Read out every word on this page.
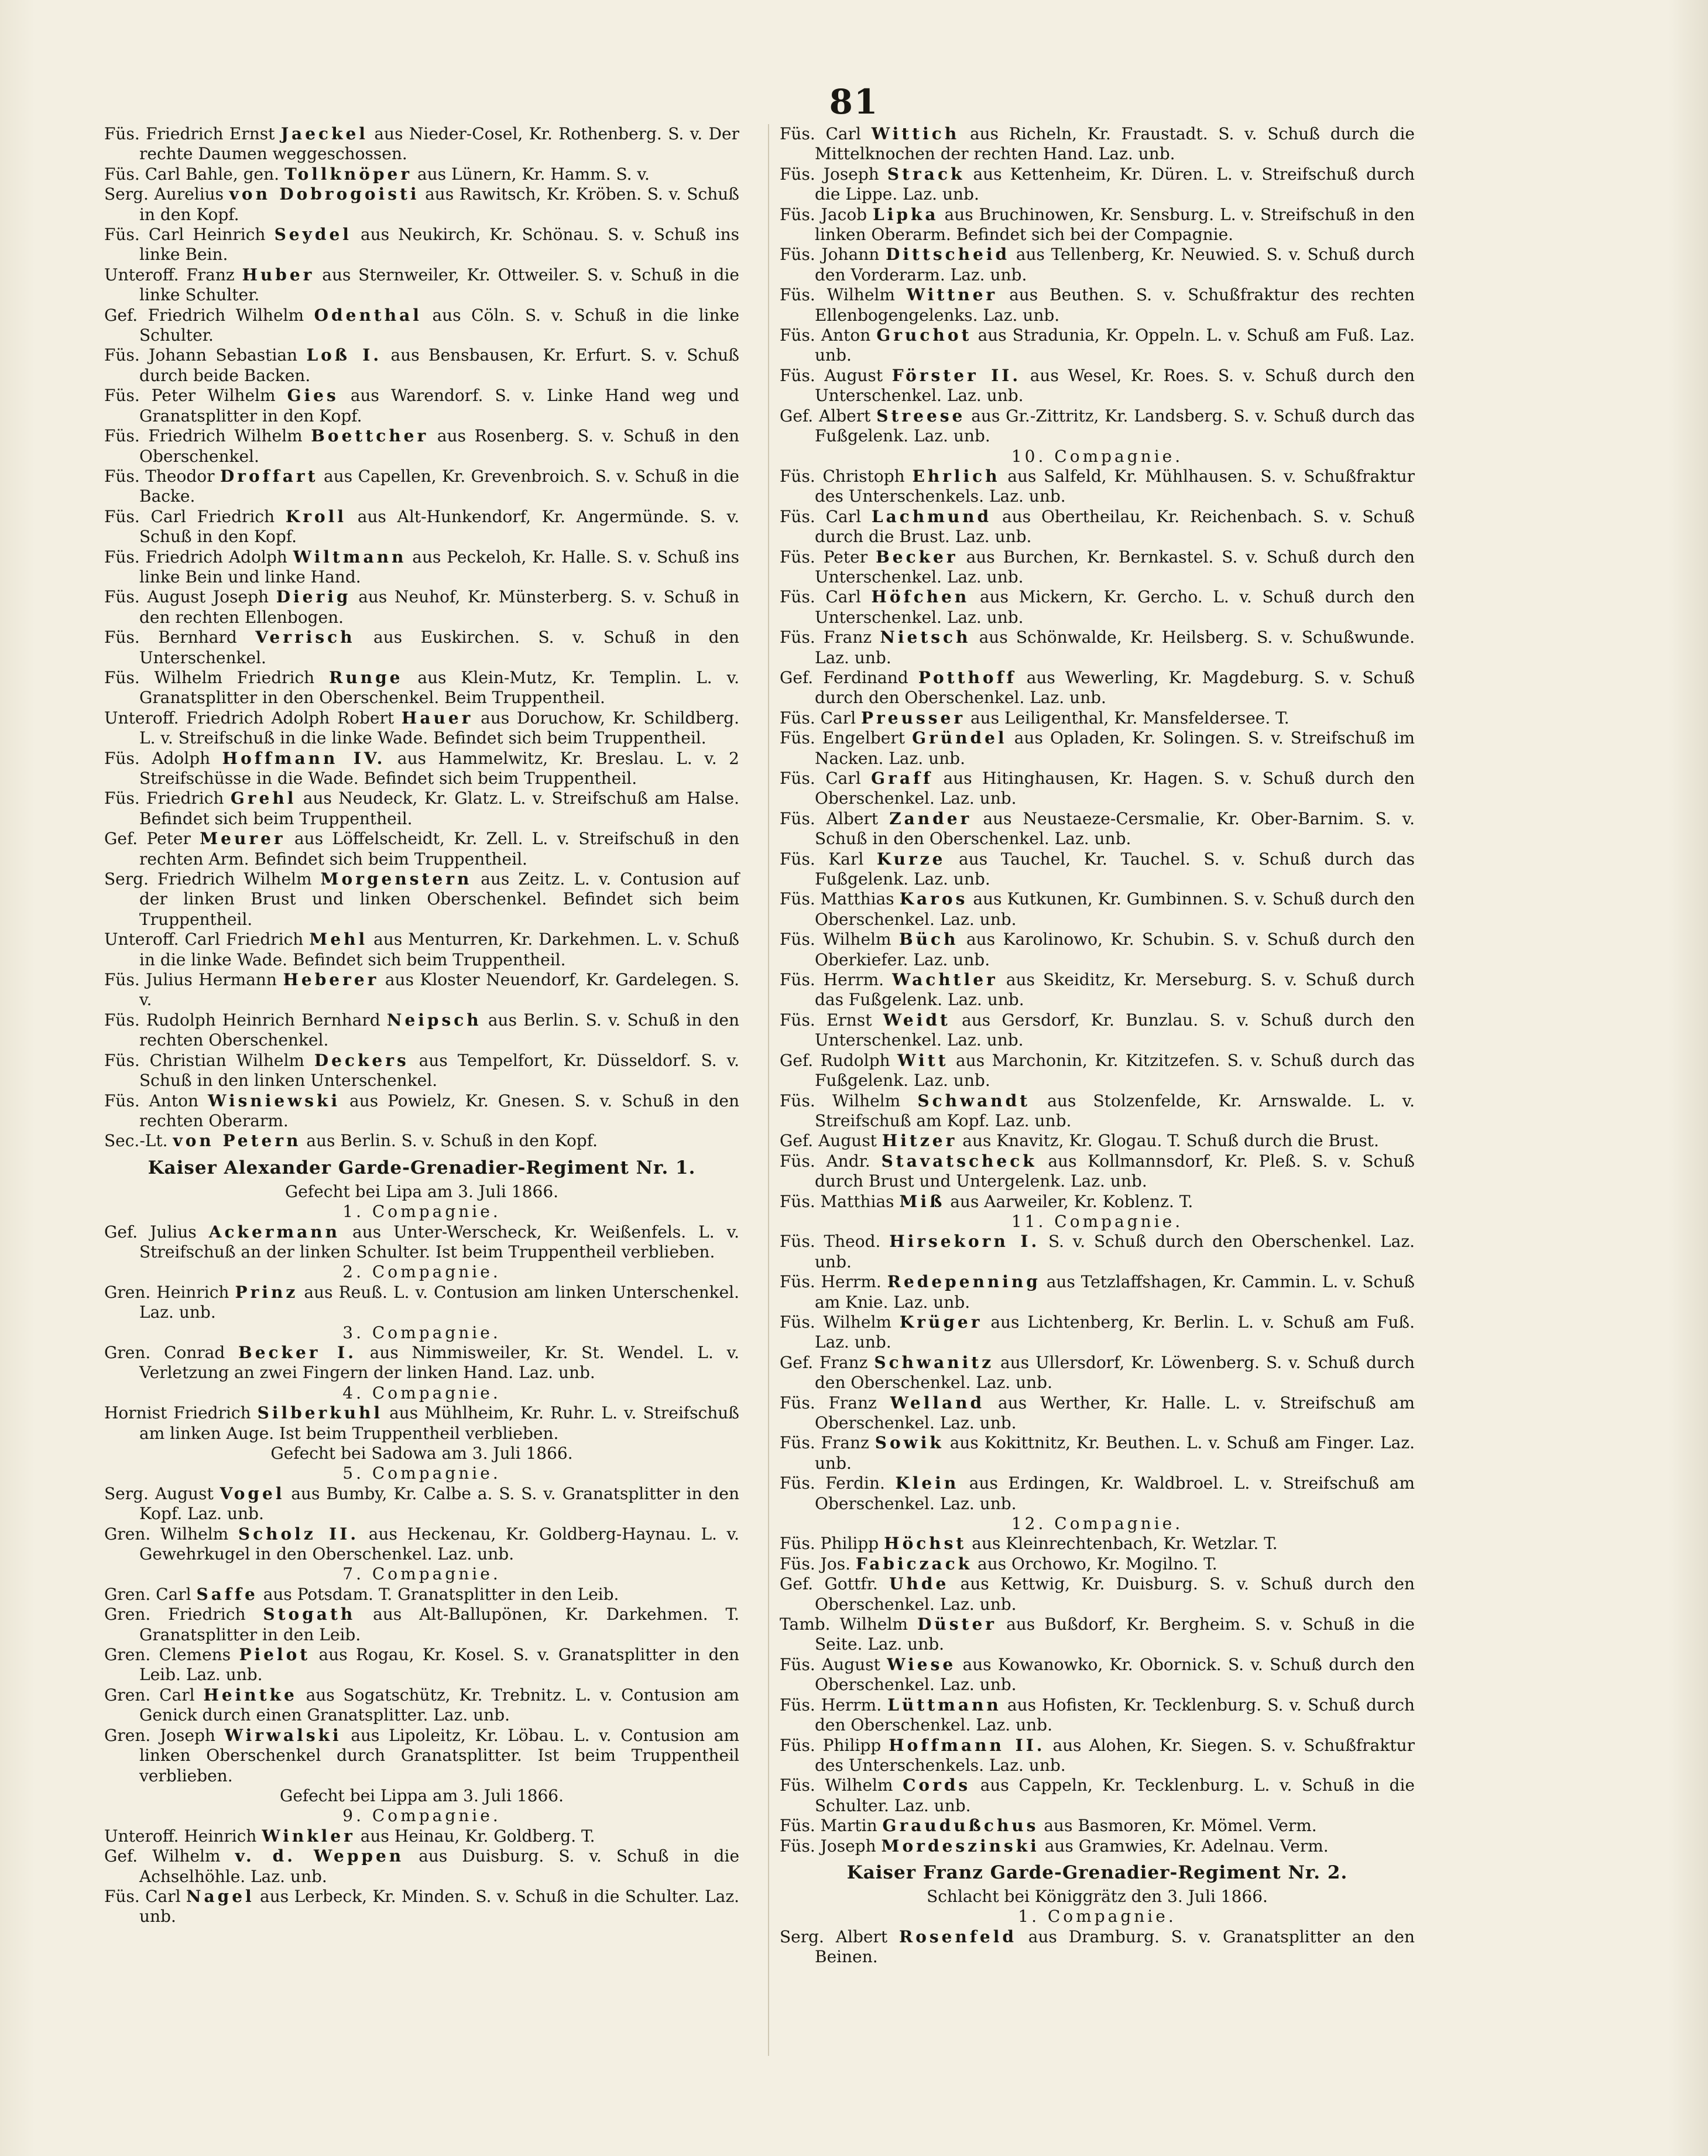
81
Füs. Friedrich Ernst Jaeckel aus Nieder-Cosel, Kr. Rothenberg. S. v. Der rechte Daumen weggeschossen.
Füs. Carl Bahle, gen. Tollknöper aus Lünern, Kr. Hamm. S. v.
Serg. Aurelius von Dobrogoisti aus Rawitsch, Kr. Kröben. S. v. Schuß in den Kopf.
Füs. Carl Heinrich Seydel aus Neukirch, Kr. Schönau. S. v. Schuß ins linke Bein.
Unteroff. Franz Huber aus Sternweiler, Kr. Ottweiler. S. v. Schuß in die linke Schulter.
Gef. Friedrich Wilhelm Odenthal aus Cöln. S. v. Schuß in die linke Schulter.
Füs. Johann Sebastian Loß I. aus Bensbausen, Kr. Erfurt. S. v. Schuß durch beide Backen.
Füs. Peter Wilhelm Gies aus Warendorf. S. v. Linke Hand weg und Granatsplitter in den Kopf.
Füs. Friedrich Wilhelm Boettcher aus Rosenberg. S. v. Schuß in den Oberschenkel.
Füs. Theodor Droffart aus Capellen, Kr. Grevenbroich. S. v. Schuß in die Backe.
Füs. Carl Friedrich Kroll aus Alt-Hunkendorf, Kr. Angermünde. S. v. Schuß in den Kopf.
Füs. Friedrich Adolph Wiltmann aus Peckeloh, Kr. Halle. S. v. Schuß ins linke Bein und linke Hand.
Füs. August Joseph Dierig aus Neuhof, Kr. Münsterberg. S. v. Schuß in den rechten Ellenbogen.
Füs. Bernhard Verrisch aus Euskirchen. S. v. Schuß in den Unterschenkel.
Füs. Wilhelm Friedrich Runge aus Klein-Mutz, Kr. Templin. L. v. Granatsplitter in den Oberschenkel. Beim Truppentheil.
Unteroff. Friedrich Adolph Robert Hauer aus Doruchow, Kr. Schildberg. L. v. Streifschuß in die linke Wade. Befindet sich beim Truppentheil.
Füs. Adolph Hoffmann IV. aus Hammelwitz, Kr. Breslau. L. v. 2 Streifschüsse in die Wade. Befindet sich beim Truppentheil.
Füs. Friedrich Grehl aus Neudeck, Kr. Glatz. L. v. Streifschuß am Halse. Befindet sich beim Truppentheil.
Gef. Peter Meurer aus Löffelscheidt, Kr. Zell. L. v. Streifschuß in den rechten Arm. Befindet sich beim Truppentheil.
Serg. Friedrich Wilhelm Morgenstern aus Zeitz. L. v. Contusion auf der linken Brust und linken Oberschenkel. Befindet sich beim Truppentheil.
Unteroff. Carl Friedrich Mehl aus Menturren, Kr. Darkehmen. L. v. Schuß in die linke Wade. Befindet sich beim Truppentheil.
Füs. Julius Hermann Heberer aus Kloster Neuendorf, Kr. Gardelegen. S. v.
Füs. Rudolph Heinrich Bernhard Neipsch aus Berlin. S. v. Schuß in den rechten Oberschenkel.
Füs. Christian Wilhelm Deckers aus Tempelfort, Kr. Düsseldorf. S. v. Schuß in den linken Unterschenkel.
Füs. Anton Wisniewski aus Powielz, Kr. Gnesen. S. v. Schuß in den rechten Oberarm.
Sec.-Lt. von Petern aus Berlin. S. v. Schuß in den Kopf.
Kaiser Alexander Garde-Grenadier-Regiment Nr. 1.
Gefecht bei Lipa am 3. Juli 1866.
1. Compagnie.
Gef. Julius Ackermann aus Unter-Werscheck, Kr. Weißenfels. L. v. Streifschuß an der linken Schulter. Ist beim Truppentheil verblieben.
2. Compagnie.
Gren. Heinrich Prinz aus Reuß. L. v. Contusion am linken Unterschenkel. Laz. unb.
3. Compagnie.
Gren. Conrad Becker I. aus Nimmisweiler, Kr. St. Wendel. L. v. Verletzung an zwei Fingern der linken Hand. Laz. unb.
4. Compagnie.
Hornist Friedrich Silberkuhl aus Mühlheim, Kr. Ruhr. L. v. Streifschuß am linken Auge. Ist beim Truppentheil verblieben.
Gefecht bei Sadowa am 3. Juli 1866.
5. Compagnie.
Serg. August Vogel aus Bumby, Kr. Calbe a. S. S. v. Granatsplitter in den Kopf. Laz. unb.
Gren. Wilhelm Scholz II. aus Heckenau, Kr. Goldberg-Haynau. L. v. Gewehrkugel in den Oberschenkel. Laz. unb.
7. Compagnie.
Gren. Carl Saffe aus Potsdam. T. Granatsplitter in den Leib.
Gren. Friedrich Stogath aus Alt-Ballupönen, Kr. Darkehmen. T. Granatsplitter in den Leib.
Gren. Clemens Pielot aus Rogau, Kr. Kosel. S. v. Granatsplitter in den Leib. Laz. unb.
Gren. Carl Heintke aus Sogatschütz, Kr. Trebnitz. L. v. Contusion am Genick durch einen Granatsplitter. Laz. unb.
Gren. Joseph Wirwalski aus Lipoleitz, Kr. Löbau. L. v. Contusion am linken Oberschenkel durch Granatsplitter. Ist beim Truppentheil verblieben.
Gefecht bei Lippa am 3. Juli 1866.
9. Compagnie.
Unteroff. Heinrich Winkler aus Heinau, Kr. Goldberg. T.
Gef. Wilhelm v. d. Weppen aus Duisburg. S. v. Schuß in die Achselhöhle. Laz. unb.
Füs. Carl Nagel aus Lerbeck, Kr. Minden. S. v. Schuß in die Schulter. Laz. unb.
Füs. Carl Wittich aus Richeln, Kr. Fraustadt. S. v. Schuß durch die Mittelknochen der rechten Hand. Laz. unb.
Füs. Joseph Strack aus Kettenheim, Kr. Düren. L. v. Streifschuß durch die Lippe. Laz. unb.
Füs. Jacob Lipka aus Bruchinowen, Kr. Sensburg. L. v. Streifschuß in den linken Oberarm. Befindet sich bei der Compagnie.
Füs. Johann Dittscheid aus Tellenberg, Kr. Neuwied. S. v. Schuß durch den Vorderarm. Laz. unb.
Füs. Wilhelm Wittner aus Beuthen. S. v. Schußfraktur des rechten Ellenbogengelenks. Laz. unb.
Füs. Anton Gruchot aus Stradunia, Kr. Oppeln. L. v. Schuß am Fuß. Laz. unb.
Füs. August Förster II. aus Wesel, Kr. Roes. S. v. Schuß durch den Unterschenkel. Laz. unb.
Gef. Albert Streese aus Gr.-Zittritz, Kr. Landsberg. S. v. Schuß durch das Fußgelenk. Laz. unb.
10. Compagnie.
Füs. Christoph Ehrlich aus Salfeld, Kr. Mühlhausen. S. v. Schußfraktur des Unterschenkels. Laz. unb.
Füs. Carl Lachmund aus Obertheilau, Kr. Reichenbach. S. v. Schuß durch die Brust. Laz. unb.
Füs. Peter Becker aus Burchen, Kr. Bernkastel. S. v. Schuß durch den Unterschenkel. Laz. unb.
Füs. Carl Höfchen aus Mickern, Kr. Gercho. L. v. Schuß durch den Unterschenkel. Laz. unb.
Füs. Franz Nietsch aus Schönwalde, Kr. Heilsberg. S. v. Schußwunde. Laz. unb.
Gef. Ferdinand Potthoff aus Wewerling, Kr. Magdeburg. S. v. Schuß durch den Oberschenkel. Laz. unb.
Füs. Carl Preusser aus Leiligenthal, Kr. Mansfeldersee. T.
Füs. Engelbert Gründel aus Opladen, Kr. Solingen. S. v. Streifschuß im Nacken. Laz. unb.
Füs. Carl Graff aus Hitinghausen, Kr. Hagen. S. v. Schuß durch den Oberschenkel. Laz. unb.
Füs. Albert Zander aus Neustaeze-Cersmalie, Kr. Ober-Barnim. S. v. Schuß in den Oberschenkel. Laz. unb.
Füs. Karl Kurze aus Tauchel, Kr. Tauchel. S. v. Schuß durch das Fußgelenk. Laz. unb.
Füs. Matthias Karos aus Kutkunen, Kr. Gumbinnen. S. v. Schuß durch den Oberschenkel. Laz. unb.
Füs. Wilhelm Büch aus Karolinowo, Kr. Schubin. S. v. Schuß durch den Oberkiefer. Laz. unb.
Füs. Herrm. Wachtler aus Skeiditz, Kr. Merseburg. S. v. Schuß durch das Fußgelenk. Laz. unb.
Füs. Ernst Weidt aus Gersdorf, Kr. Bunzlau. S. v. Schuß durch den Unterschenkel. Laz. unb.
Gef. Rudolph Witt aus Marchonin, Kr. Kitzitzefen. S. v. Schuß durch das Fußgelenk. Laz. unb.
Füs. Wilhelm Schwandt aus Stolzenfelde, Kr. Arnswalde. L. v. Streifschuß am Kopf. Laz. unb.
Gef. August Hitzer aus Knavitz, Kr. Glogau. T. Schuß durch die Brust.
Füs. Andr. Stavatscheck aus Kollmannsdorf, Kr. Pleß. S. v. Schuß durch Brust und Untergelenk. Laz. unb.
Füs. Matthias Miß aus Aarweiler, Kr. Koblenz. T.
11. Compagnie.
Füs. Theod. Hirsekorn I. S. v. Schuß durch den Oberschenkel. Laz. unb.
Füs. Herrm. Redepenning aus Tetzlaffshagen, Kr. Cammin. L. v. Schuß am Knie. Laz. unb.
Füs. Wilhelm Krüger aus Lichtenberg, Kr. Berlin. L. v. Schuß am Fuß. Laz. unb.
Gef. Franz Schwanitz aus Ullersdorf, Kr. Löwenberg. S. v. Schuß durch den Oberschenkel. Laz. unb.
Füs. Franz Welland aus Werther, Kr. Halle. L. v. Streifschuß am Oberschenkel. Laz. unb.
Füs. Franz Sowik aus Kokittnitz, Kr. Beuthen. L. v. Schuß am Finger. Laz. unb.
Füs. Ferdin. Klein aus Erdingen, Kr. Waldbroel. L. v. Streifschuß am Oberschenkel. Laz. unb.
12. Compagnie.
Füs. Philipp Höchst aus Kleinrechtenbach, Kr. Wetzlar. T.
Füs. Jos. Fabiczack aus Orchowo, Kr. Mogilno. T.
Gef. Gottfr. Uhde aus Kettwig, Kr. Duisburg. S. v. Schuß durch den Oberschenkel. Laz. unb.
Tamb. Wilhelm Düster aus Bußdorf, Kr. Bergheim. S. v. Schuß in die Seite. Laz. unb.
Füs. August Wiese aus Kowanowko, Kr. Obornick. S. v. Schuß durch den Oberschenkel. Laz. unb.
Füs. Herrm. Lüttmann aus Hofisten, Kr. Tecklenburg. S. v. Schuß durch den Oberschenkel. Laz. unb.
Füs. Philipp Hoffmann II. aus Alohen, Kr. Siegen. S. v. Schußfraktur des Unterschenkels. Laz. unb.
Füs. Wilhelm Cords aus Cappeln, Kr. Tecklenburg. L. v. Schuß in die Schulter. Laz. unb.
Füs. Martin Graudußchus aus Basmoren, Kr. Mömel. Verm.
Füs. Joseph Mordeszinski aus Gramwies, Kr. Adelnau. Verm.
Kaiser Franz Garde-Grenadier-Regiment Nr. 2.
Schlacht bei Königgrätz den 3. Juli 1866.
1. Compagnie.
Serg. Albert Rosenfeld aus Dramburg. S. v. Granatsplitter an den Beinen.
